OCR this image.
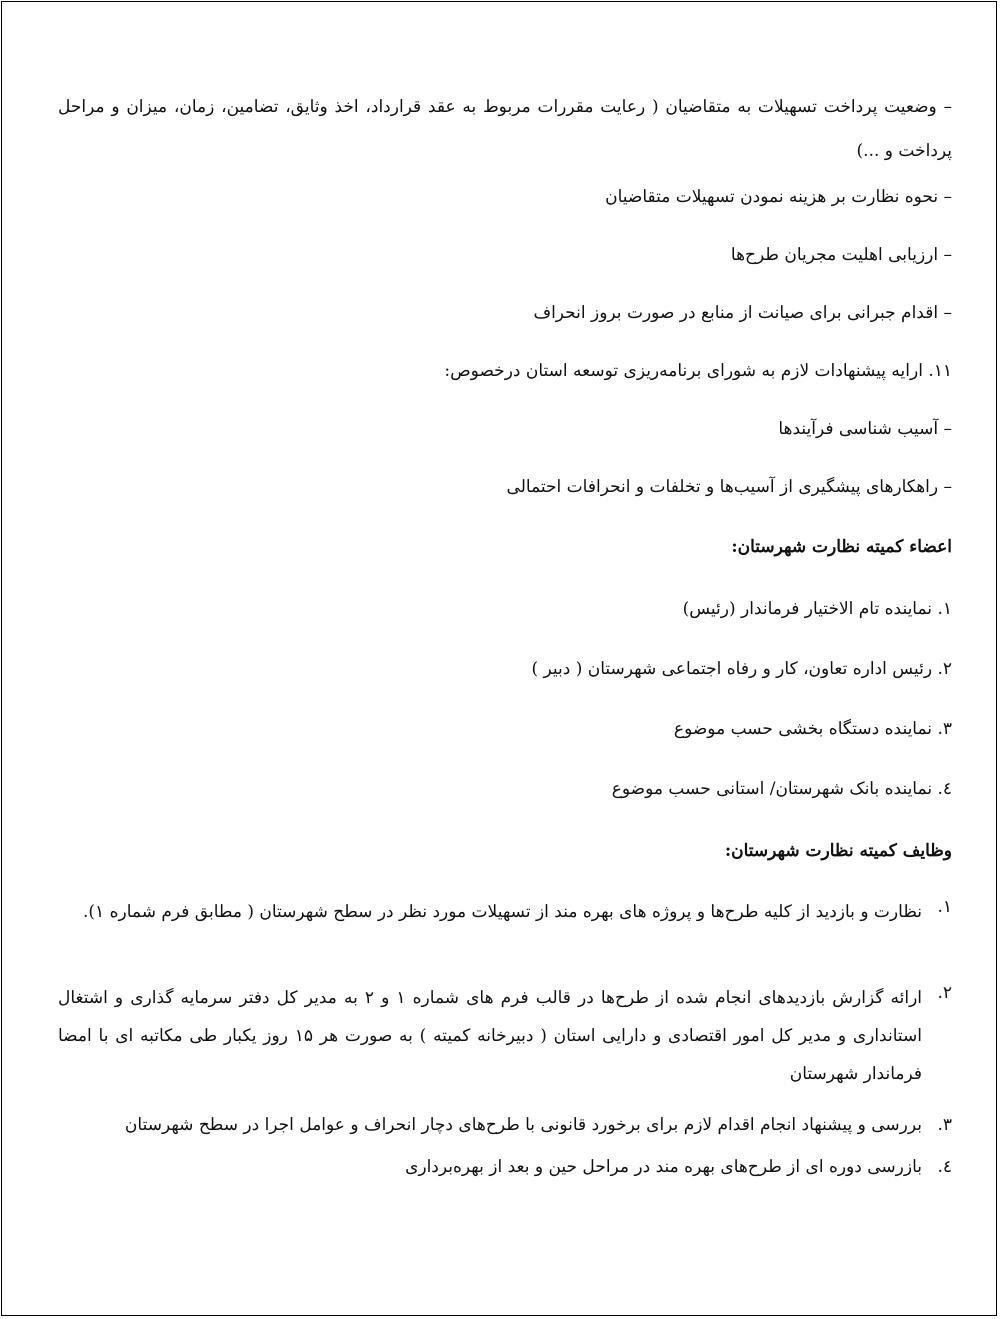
– وضعیت پرداخت تسهیلات به متقاضیان ( رعایت مقررات مربوط به عقد قرارداد، اخذ وثایق، تضامین، زمان، میزان و مراحل پرداخت و ...)
– نحوه نظارت بر هزینه نمودن تسهیلات متقاضیان
– ارزیابی اهلیت مجریان طرح‌ها
– اقدام جبرانی برای صیانت از منابع در صورت بروز انحراف
۱۱. ارایه پیشنهادات لازم به شورای برنامه‌ریزی توسعه استان درخصوص:
– آسیب شناسی فرآیندها
– راهکارهای پیشگیری از آسیب‌ها و تخلفات و انحرافات احتمالی
اعضاء کمیته نظارت شهرستان:
۱. نماینده تام الاختیار فرماندار (رئیس)
۲. رئیس اداره تعاون، کار و رفاه اجتماعی شهرستان ( دبیر )
۳. نماینده دستگاه بخشی حسب موضوع
٤. نماینده بانک شهرستان/ استانی حسب موضوع
وظایف کمیته نظارت شهرستان:
۱.
نظارت و بازدید از کلیه طرح‌ها و پروژه های بهره مند از تسهیلات مورد نظر در سطح شهرستان ( مطابق فرم شماره ۱).
۲.
ارائه گزارش بازدیدهای انجام شده از طرح‌ها در قالب فرم های شماره ۱ و ۲ به مدیر کل دفتر سرمایه گذاری و اشتغال استانداری و مدیر کل امور اقتصادی و دارایی استان ( دبیرخانه کمیته ) به صورت هر ۱۵ روز یکبار طی مکاتبه ای با امضا فرماندار شهرستان
۳.
بررسی و پیشنهاد انجام اقدام لازم برای برخورد قانونی با طرح‌های دچار انحراف و عوامل اجرا در سطح شهرستان
٤.
بازرسی دوره ای از طرح‌های بهره مند در مراحل حین و بعد از بهره‌برداری
